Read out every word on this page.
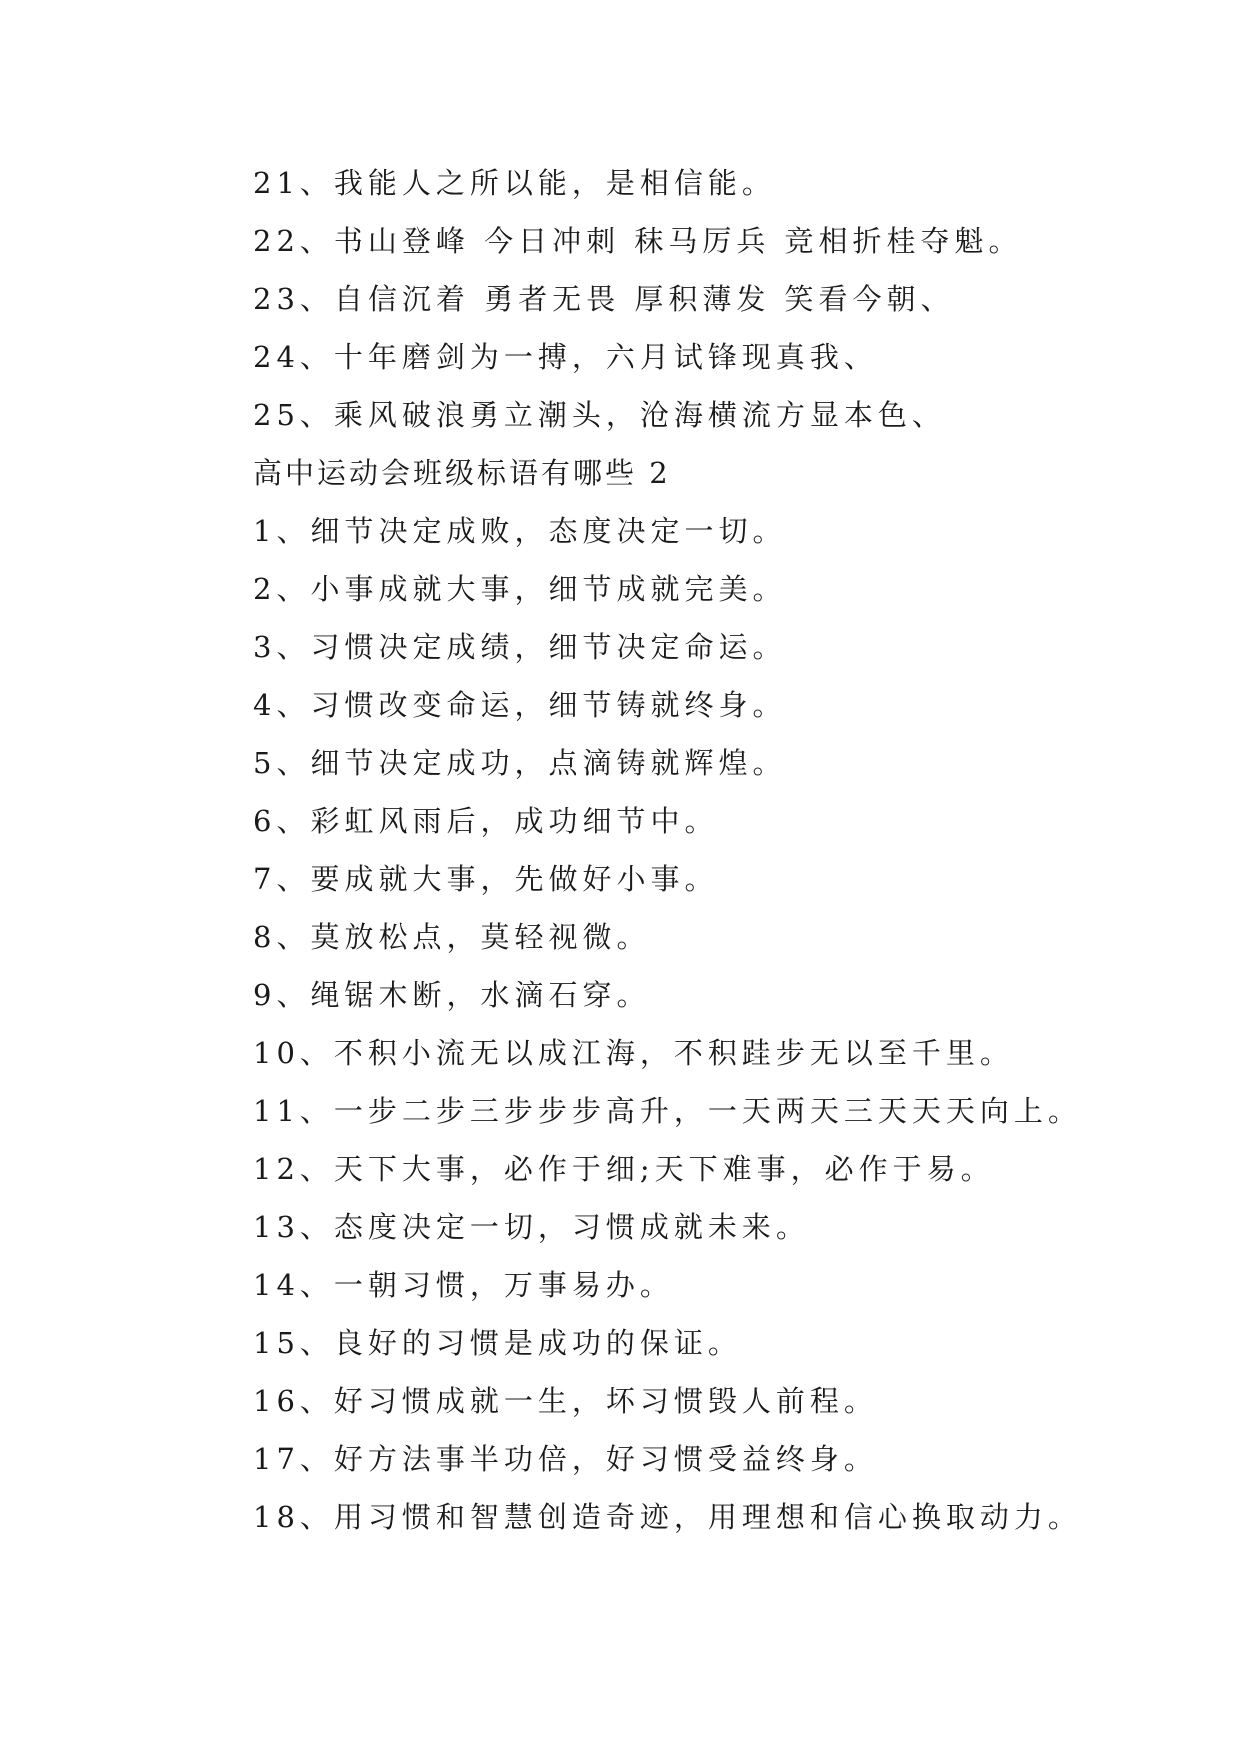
21、我能人之所以能，是相信能。
22、书山登峰 今日冲刺 秣马厉兵 竞相折桂夺魁。
23、自信沉着 勇者无畏 厚积薄发 笑看今朝、
24、十年磨剑为一搏，六月试锋现真我、
25、乘风破浪勇立潮头，沧海横流方显本色、
高中运动会班级标语有哪些 2
1、细节决定成败，态度决定一切。
2、小事成就大事，细节成就完美。
3、习惯决定成绩，细节决定命运。
4、习惯改变命运，细节铸就终身。
5、细节决定成功，点滴铸就辉煌。
6、彩虹风雨后，成功细节中。
7、要成就大事，先做好小事。
8、莫放松点，莫轻视微。
9、绳锯木断，水滴石穿。
10、不积小流无以成江海，不积跬步无以至千里。
11、一步二步三步步步高升，一天两天三天天天向上。
12、天下大事，必作于细;天下难事，必作于易。
13、态度决定一切，习惯成就未来。
14、一朝习惯，万事易办。
15、良好的习惯是成功的保证。
16、好习惯成就一生，坏习惯毁人前程。
17、好方法事半功倍，好习惯受益终身。
18、用习惯和智慧创造奇迹，用理想和信心换取动力。
